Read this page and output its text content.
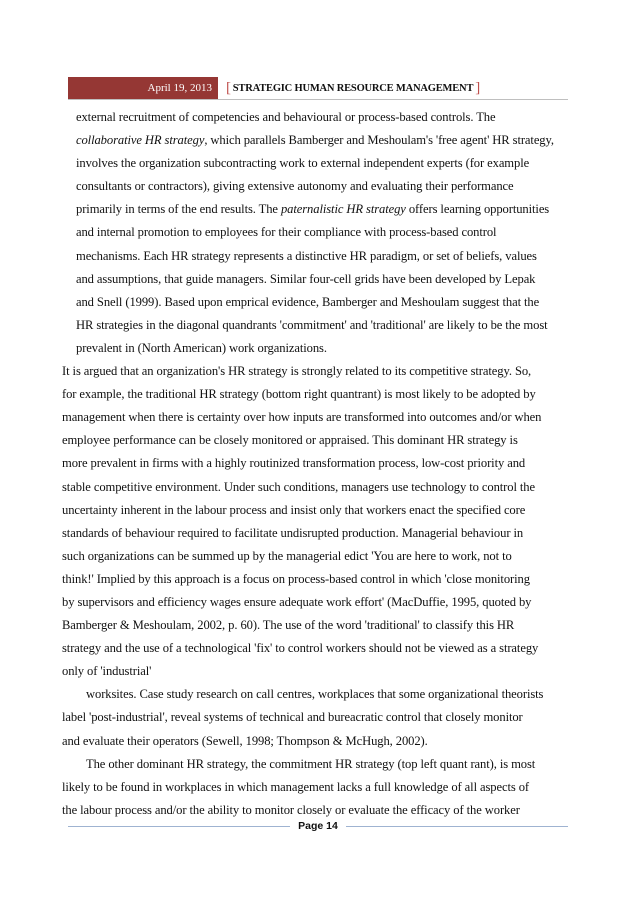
April 19, 2013 [ STRATEGIC HUMAN RESOURCE MANAGEMENT ]
external recruitment of competencies and behavioural or process-based controls. The
collaborative HR strategy, which parallels Bamberger and Meshoulam's 'free agent' HR strategy,
involves the organization subcontracting work to external independent experts (for example
consultants or contractors), giving extensive autonomy and evaluating their performance
primarily in terms of the end results. The paternalistic HR strategy offers learning opportunities
and internal promotion to employees for their compliance with process-based control
mechanisms. Each HR strategy represents a distinctive HR paradigm, or set of beliefs, values
and assumptions, that guide managers. Similar four-cell grids have been developed by Lepak
and Snell (1999). Based upon emprical evidence, Bamberger and Meshoulam suggest that the
HR strategies in the diagonal quandrants 'commitment' and 'traditional' are likely to be the most
prevalent in (North American) work organizations.
It is argued that an organization's HR strategy is strongly related to its competitive strategy. So,
for example, the traditional HR strategy (bottom right quantrant) is most likely to be adopted by
management when there is certainty over how inputs are transformed into outcomes and/or when
employee performance can be closely monitored or appraised. This dominant HR strategy is
more prevalent in firms with a highly routinized transformation process, low-cost priority and
stable competitive environment. Under such conditions, managers use technology to control the
uncertainty inherent in the labour process and insist only that workers enact the specified core
standards of behaviour required to facilitate undisrupted production. Managerial behaviour in
such organizations can be summed up by the managerial edict 'You are here to work, not to
think!' Implied by this approach is a focus on process-based control in which 'close monitoring
by supervisors and efficiency wages ensure adequate work effort' (MacDuffie, 1995, quoted by
Bamberger & Meshoulam, 2002, p. 60). The use of the word 'traditional' to classify this HR
strategy and the use of a technological 'fix' to control workers should not be viewed as a strategy
only of 'industrial'
worksites. Case study research on call centres, workplaces that some organizational theorists
label 'post-industrial', reveal systems of technical and bureacratic control that closely monitor
and evaluate their operators (Sewell, 1998; Thompson & McHugh, 2002).
The other dominant HR strategy, the commitment HR strategy (top left quant rant), is most
likely to be found in workplaces in which management lacks a full knowledge of all aspects of
the labour process and/or the ability to monitor closely or evaluate the efficacy of the worker
Page 14
